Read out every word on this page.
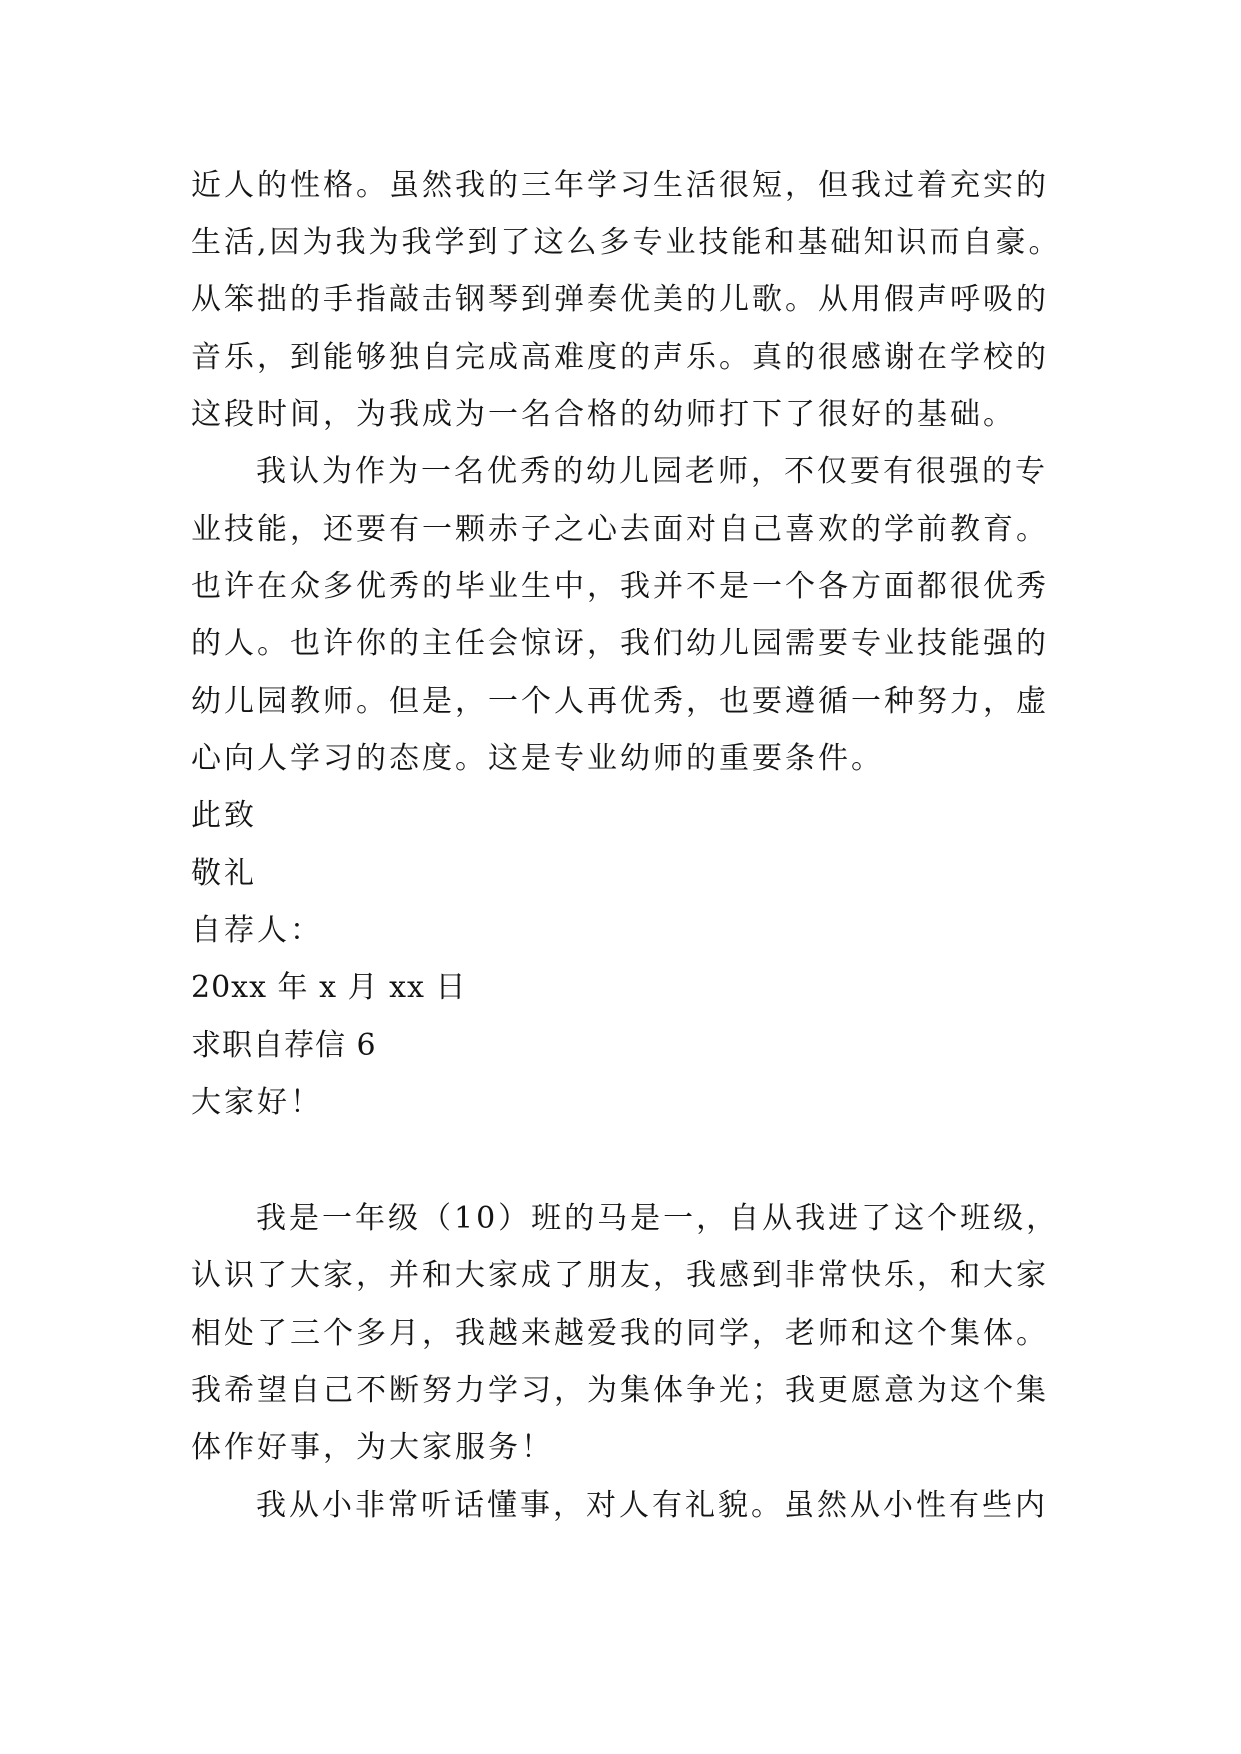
近人的性格。虽然我的三年学习生活很短，但我过着充实的
生活,因为我为我学到了这么多专业技能和基础知识而自豪。
从笨拙的手指敲击钢琴到弹奏优美的儿歌。从用假声呼吸的
音乐，到能够独自完成高难度的声乐。真的很感谢在学校的
这段时间，为我成为一名合格的幼师打下了很好的基础。
我认为作为一名优秀的幼儿园老师，不仅要有很强的专
业技能，还要有一颗赤子之心去面对自己喜欢的学前教育。
也许在众多优秀的毕业生中，我并不是一个各方面都很优秀
的人。也许你的主任会惊讶，我们幼儿园需要专业技能强的
幼儿园教师。但是，一个人再优秀，也要遵循一种努力，虚
心向人学习的态度。这是专业幼师的重要条件。
此致
敬礼
自荐人：
20xx 年 x 月 xx 日
求职自荐信 6
大家好！
我是一年级（10）班的马是一，自从我进了这个班级，
认识了大家，并和大家成了朋友，我感到非常快乐，和大家
相处了三个多月，我越来越爱我的同学，老师和这个集体。
我希望自己不断努力学习，为集体争光；我更愿意为这个集
体作好事，为大家服务！
我从小非常听话懂事，对人有礼貌。虽然从小性有些内
